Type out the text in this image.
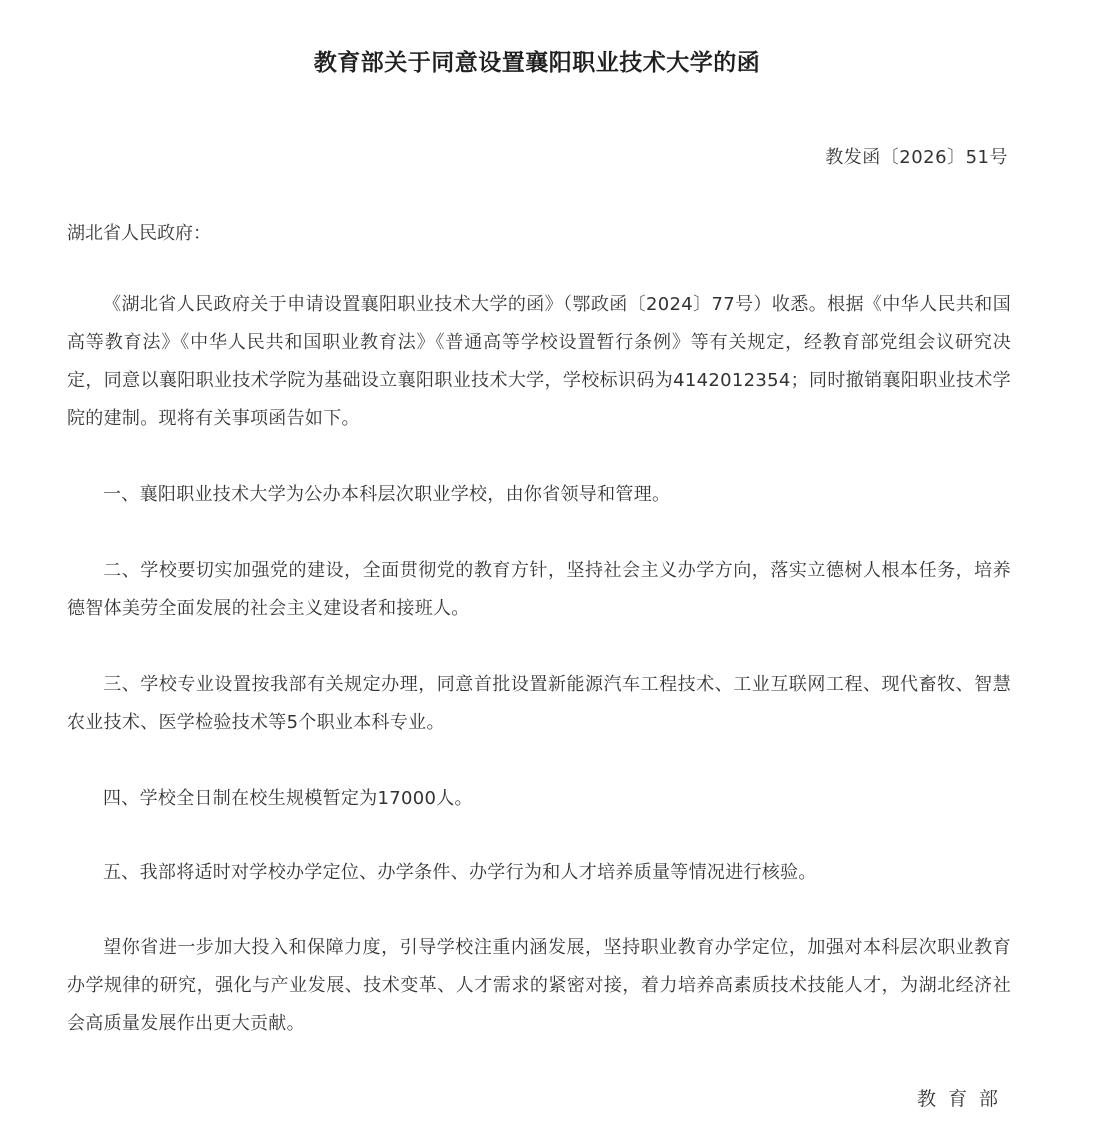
教育部关于同意设置襄阳职业技术大学的函
教发函〔2026〕51号
湖北省人民政府：
《湖北省人民政府关于申请设置襄阳职业技术大学的函》（鄂政函〔2024〕77号）收悉。根据《中华人民共和国高等教育法》《中华人民共和国职业教育法》《普通高等学校设置暂行条例》等有关规定，经教育部党组会议研究决定，同意以襄阳职业技术学院为基础设立襄阳职业技术大学，学校标识码为4142012354；同时撤销襄阳职业技术学院的建制。现将有关事项函告如下。
一、襄阳职业技术大学为公办本科层次职业学校，由你省领导和管理。
二、学校要切实加强党的建设，全面贯彻党的教育方针，坚持社会主义办学方向，落实立德树人根本任务，培养德智体美劳全面发展的社会主义建设者和接班人。
三、学校专业设置按我部有关规定办理，同意首批设置新能源汽车工程技术、工业互联网工程、现代畜牧、智慧农业技术、医学检验技术等5个职业本科专业。
四、学校全日制在校生规模暂定为17000人。
五、我部将适时对学校办学定位、办学条件、办学行为和人才培养质量等情况进行核验。
望你省进一步加大投入和保障力度，引导学校注重内涵发展，坚持职业教育办学定位，加强对本科层次职业教育办学规律的研究，强化与产业发展、技术变革、人才需求的紧密对接，着力培养高素质技术技能人才，为湖北经济社会高质量发展作出更大贡献。
教育部
